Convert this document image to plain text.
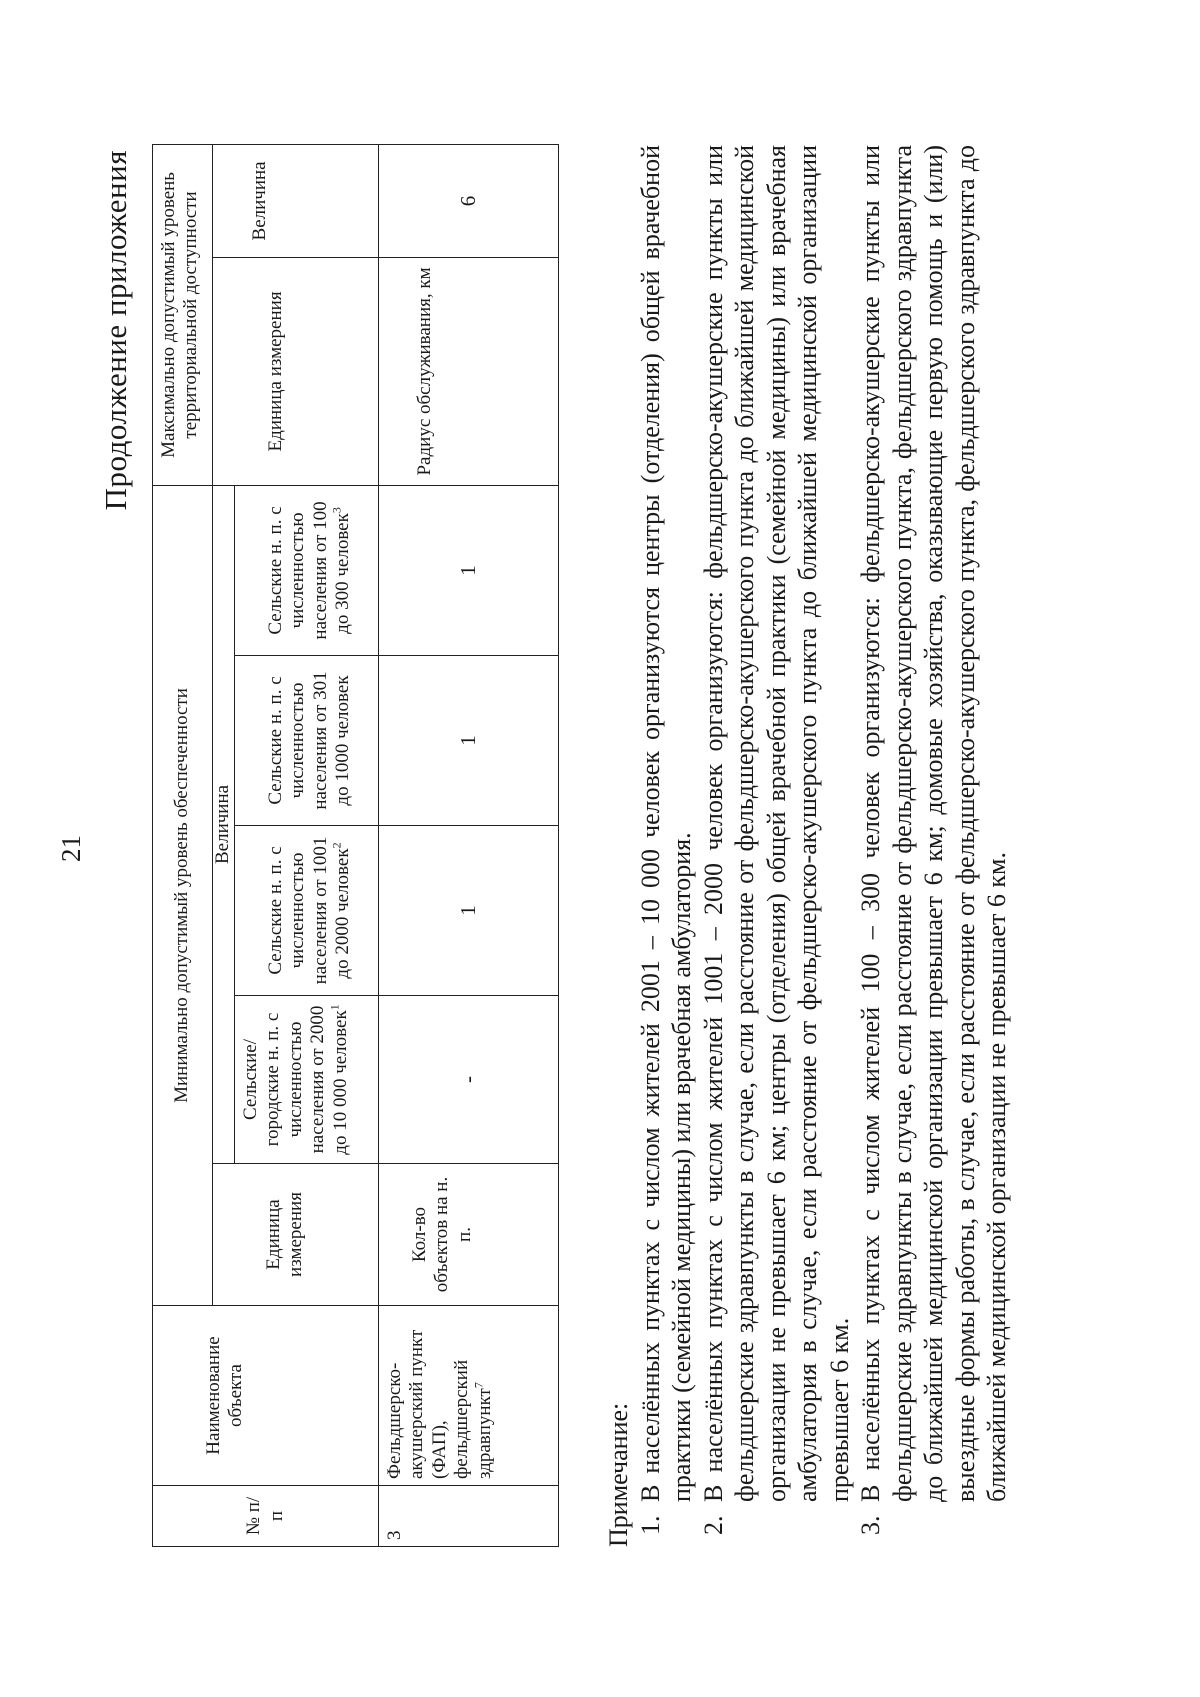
21
Продолжение приложения
№ п/п	Наименование объекта	Минимально допустимый уровень обеспеченности					Максимально допустимый уровень территориальной доступности	
		Единица измерения	Величина				Единица измерения	Величина
			Сельские/ городские н. п. с численностью населения от 2000 до 10 000 человек$^1$	Сельские н. п. с численностью населения от 1001 до 2000 человек$^2$	Сельские н. п. с численностью населения от 301 до 1000 человек	Сельские н. п. с численностью населения от 100 до 300 человек$^3$
3	Фельдшерско-акушерский пункт (ФАП), фельдшерский здравпункт$^7$	Кол-во объектов на н. п.	-	1	1	1	Радиус обслуживания, км	6
Примечание: 1.
В населённых пунктах с числом жителей 2001 – 10 000 человек организуются центры (отделения) общей врачебной практики (семейной медицины) или врачебная амбулатория.
2.
В населённых пунктах с числом жителей 1001 – 2000 человек организуются: фельдшерско-акушерские пункты или фельдшерские здравпункты в случае, если расстояние от фельдшерско-акушерского пункта до ближайшей медицинской организации не превышает 6 км; центры (отделения) общей врачебной практики (семейной медицины) или врачебная амбулатория в случае, если расстояние от фельдшерско-акушерского пункта до ближайшей медицинской организации превышает 6 км.
3.
В населённых пунктах с числом жителей 100 – 300 человек организуются: фельдшерско-акушерские пункты или фельдшерские здравпункты в случае, если расстояние от фельдшерско-акушерского пункта, фельдшерского здравпункта до ближайшей медицинской организации превышает 6 км; домовые хозяйства, оказывающие первую помощь и (или) выездные формы работы, в случае, если расстояние от фельдшерско-акушерского пункта, фельдшерского здравпункта до ближайшей медицинской организации не превышает 6 км.
